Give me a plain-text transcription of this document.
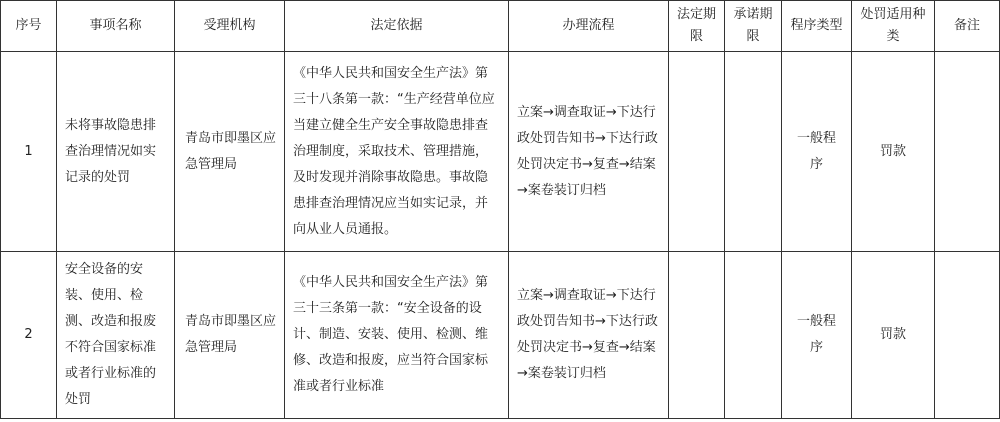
序号	事项名称	受理机构	法定依据	办理流程	法定期限	承诺期限	程序类型	处罚适用种类	备注
1	未将事故隐患排查治理情况如实记录的处罚	青岛市即墨区应急管理局	《中华人民共和国安全生产法》第三十八条第一款：“生产经营单位应当建立健全生产安全事故隐患排查治理制度，采取技术、管理措施，及时发现并消除事故隐患。事故隐患排查治理情况应当如实记录，并向从业人员通报。	立案→调查取证→下达行政处罚告知书→下达行政处罚决定书→复查→结案→案卷装订归档			一般程序	罚款	
2	安全设备的安装、使用、检测、改造和报废不符合国家标准或者行业标准的处罚	青岛市即墨区应急管理局	《中华人民共和国安全生产法》第三十三条第一款：“安全设备的设计、制造、安装、使用、检测、维修、改造和报废，应当符合国家标准或者行业标准	立案→调查取证→下达行政处罚告知书→下达行政处罚决定书→复查→结案→案卷装订归档			一般程序	罚款	
